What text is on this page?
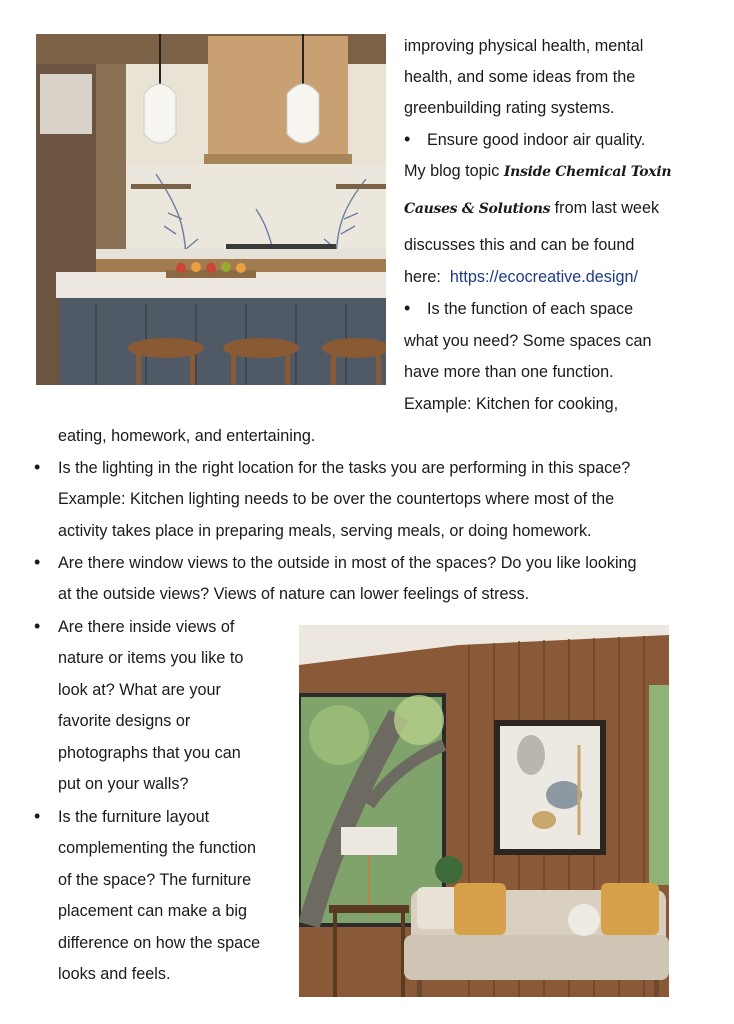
improving physical health, mental
health, and some ideas from the
greenbuilding rating systems.
• Ensure good indoor air quality.
My blog topic Inside Chemical Toxin
Causes & Solutions from last week
discusses this and can be found
here: https://ecocreative.design/
• Is the function of each space
what you need? Some spaces can
have more than one function.
Example: Kitchen for cooking,
eating, homework, and entertaining.
• Is the lighting in the right location for the tasks you are performing in this space?
Example: Kitchen lighting needs to be over the countertops where most of the
activity takes place in preparing meals, serving meals, or doing homework.
• Are there window views to the outside in most of the spaces? Do you like looking
at the outside views? Views of nature can lower feelings of stress.
• Are there inside views of
nature or items you like to
look at? What are your
favorite designs or
photographs that you can
put on your walls?
• Is the furniture layout
complementing the function
of the space? The furniture
placement can make a big
difference on how the space
looks and feels.
